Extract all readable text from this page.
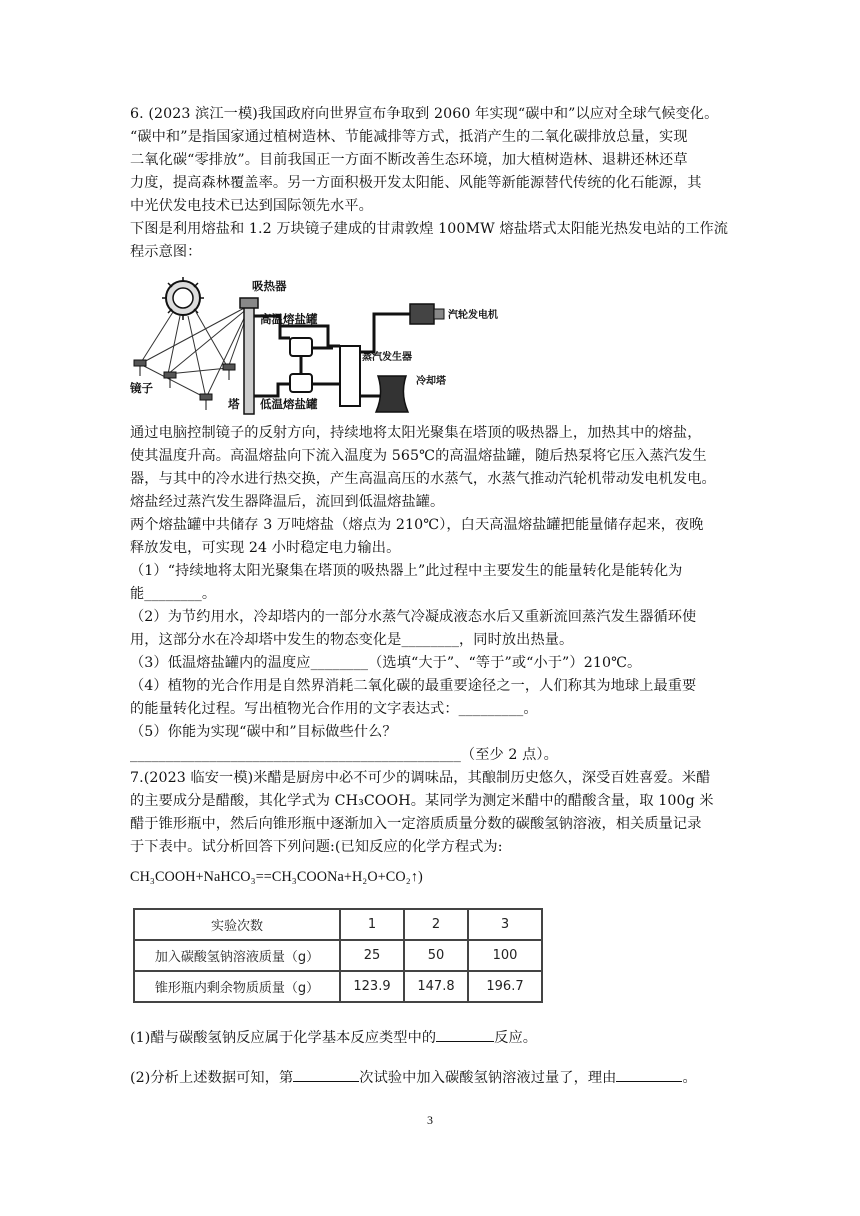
6. (2023 滨江一模)我国政府向世界宣布争取到 2060 年实现“碳中和”以应对全球气候变化。
“碳中和”是指国家通过植树造林、节能减排等方式，抵消产生的二氧化碳排放总量，实现
二氧化碳“零排放”。目前我国正一方面不断改善生态环境，加大植树造林、退耕还林还草
力度，提高森林覆盖率。另一方面积极开发太阳能、风能等新能源替代传统的化石能源，其
中光伏发电技术已达到国际领先水平。
下图是利用熔盐和 1.2 万块镜子建成的甘肃敦煌 100MW 熔盐塔式太阳能光热发电站的工作流
程示意图：
吸热器
高温熔盐罐	汽轮发电机
蒸汽发生器
冷却塔
镜子
塔 低温熔盐罐
通过电脑控制镜子的反射方向，持续地将太阳光聚集在塔顶的吸热器上，加热其中的熔盐，
使其温度升高。高温熔盐向下流入温度为 565℃的高温熔盐罐，随后热泵将它压入蒸汽发生
器，与其中的冷水进行热交换，产生高温高压的水蒸气，水蒸气推动汽轮机带动发电机发电。
熔盐经过蒸汽发生器降温后，流回到低温熔盐罐。
两个熔盐罐中共储存 3 万吨熔盐（熔点为 210℃），白天高温熔盐罐把能量储存起来，夜晚
释放发电，可实现 24 小时稳定电力输出。
（1）“持续地将太阳光聚集在塔顶的吸热器上”此过程中主要发生的能量转化是能转化为
能________。
（2）为节约用水，冷却塔内的一部分水蒸气冷凝成液态水后又重新流回蒸汽发生器循环使
用，这部分水在冷却塔中发生的物态变化是________，同时放出热量。
（3）低温熔盐罐内的温度应________（选填“大于”、“等于”或“小于”）210℃。
（4）植物的光合作用是自然界消耗二氧化碳的最重要途径之一，人们称其为地球上最重要
的能量转化过程。写出植物光合作用的文字表达式：_________。
（5）你能为实现“碳中和”目标做些什么？
______________________________________________（至少 2 点）。
7.(2023 临安一模)米醋是厨房中必不可少的调味品，其酿制历史悠久，深受百姓喜爱。米醋
的主要成分是醋酸，其化学式为 CH₃COOH。某同学为测定米醋中的醋酸含量，取 100g 米
醋于锥形瓶中，然后向锥形瓶中逐渐加入一定溶质质量分数的碳酸氢钠溶液，相关质量记录
于下表中。试分析回答下列问题:(已知反应的化学方程式为:
CH₃COOH+NaHCO₃==CH₃COONa+H₂O+CO₂↑)
实验次数	1	2	3
加入碳酸氢钠溶液质量（g）	25	50	100
锥形瓶内剩余物质质量（g）	123.9	147.8	196.7
(1)醋与碳酸氢钠反应属于化学基本反应类型中的	反应。
(2)分析上述数据可知，第	次试验中加入碳酸氢钠溶液过量了，理由	。
3
